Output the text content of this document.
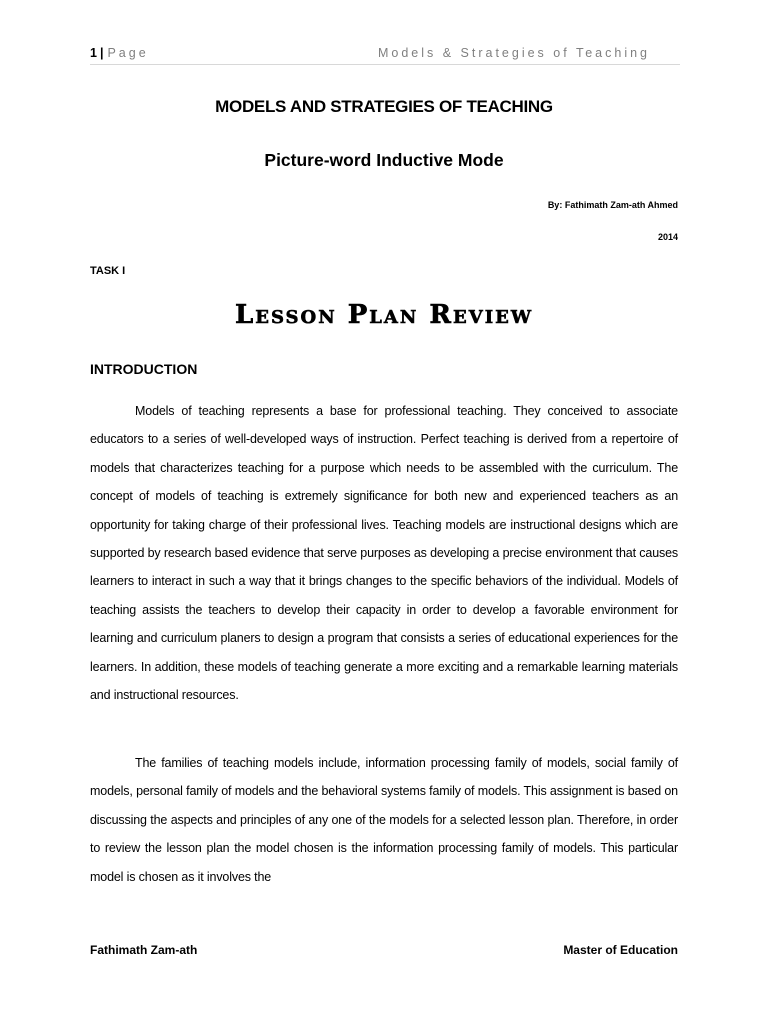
1 | Page	Models & Strategies of Teaching
MODELS AND STRATEGIES OF TEACHING
Picture-word Inductive Mode
By: Fathimath Zam-ath Ahmed
2014
TASK I
Lesson Plan Review
INTRODUCTION

Models of teaching represents a base for professional teaching. They conceived to associate educators to a series of well-developed ways of instruction. Perfect teaching is derived from a repertoire of models that characterizes teaching for a purpose which needs to be assembled with the curriculum. The concept of models of teaching is extremely significance for both new and experienced teachers as an opportunity for taking charge of their professional lives. Teaching models are instructional designs which are supported by research based evidence that serve purposes as developing a precise environment that causes learners to interact in such a way that it brings changes to the specific behaviors of the individual. Models of teaching assists the teachers to develop their capacity in order to develop a favorable environment for learning and curriculum planers to design a program that consists a series of educational experiences for the learners. In addition, these models of teaching generate a more exciting and a remarkable learning materials and instructional resources.

The families of teaching models include, information processing family of models, social family of models, personal family of models and the behavioral systems family of models. This assignment is based on discussing the aspects and principles of any one of the models for a selected lesson plan. Therefore, in order to review the lesson plan the model chosen is the information processing family of models. This particular model is chosen as it involves the

Fathimath Zam-ath	Master of Education
